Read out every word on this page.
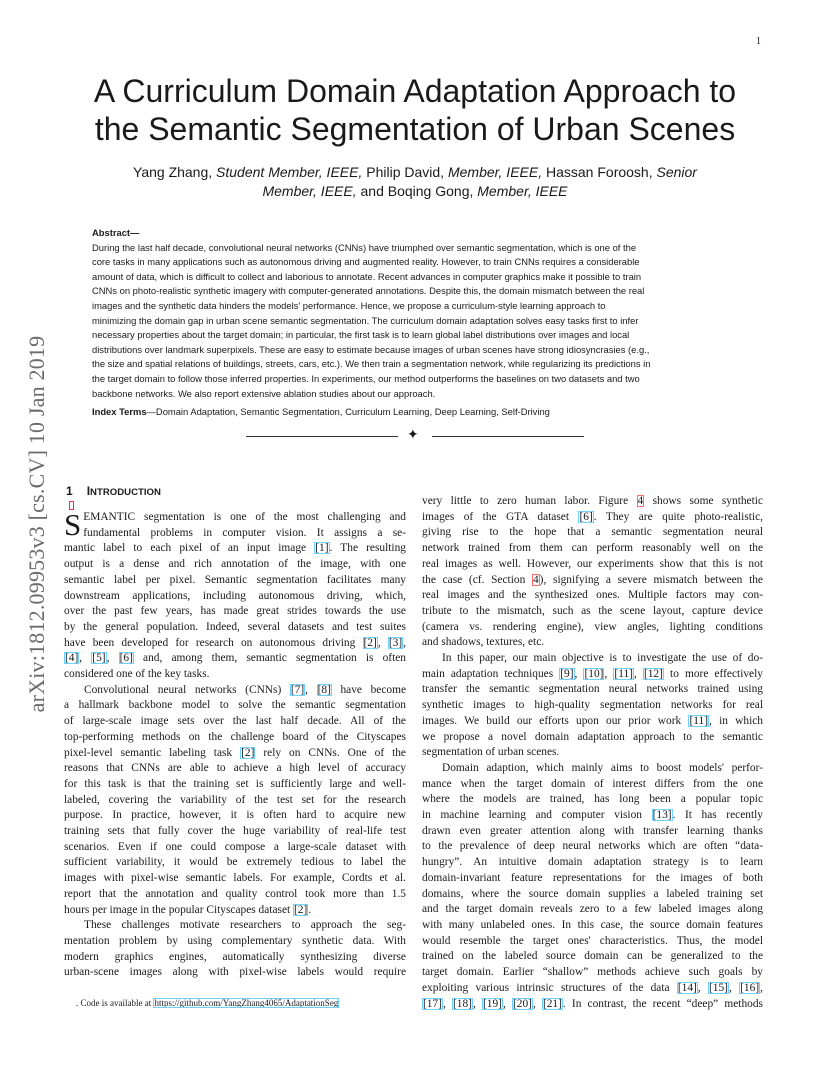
1
arXiv:1812.09953v3 [cs.CV] 10 Jan 2019
A Curriculum Domain Adaptation Approach to
the Semantic Segmentation of Urban Scenes
Yang Zhang, Student Member, IEEE, Philip David, Member, IEEE, Hassan Foroosh, Senior
Member, IEEE, and Boqing Gong, Member, IEEE

Abstract—

During the last half decade, convolutional neural networks (CNNs) have triumphed over semantic segmentation, which is one of the
core tasks in many applications such as autonomous driving and augmented reality. However, to train CNNs requires a considerable
amount of data, which is difficult to collect and laborious to annotate. Recent advances in computer graphics make it possible to train
CNNs on photo-realistic synthetic imagery with computer-generated annotations. Despite this, the domain mismatch between the real
images and the synthetic data hinders the models' performance. Hence, we propose a curriculum-style learning approach to
minimizing the domain gap in urban scene semantic segmentation. The curriculum domain adaptation solves easy tasks first to infer
necessary properties about the target domain; in particular, the first task is to learn global label distributions over images and local
distributions over landmark superpixels. These are easy to estimate because images of urban scenes have strong idiosyncrasies (e.g.,
the size and spatial relations of buildings, streets, cars, etc.). We then train a segmentation network, while regularizing its predictions in
the target domain to follow those inferred properties. In experiments, our method outperforms the baselines on two datasets and two
backbone networks. We also report extensive ablation studies about our approach.
Index Terms—Domain Adaptation, Semantic Segmentation, Curriculum Learning, Deep Learning, Self-Driving
✦
1 INTRODUCTION
S EMANTIC segmentation is one of the most challenging and
fundamental problems in computer vision. It assigns a se-
mantic label to each pixel of an input image [1]. The resulting
output is a dense and rich annotation of the image, with one
semantic label per pixel. Semantic segmentation facilitates many
downstream applications, including autonomous driving, which,
over the past few years, has made great strides towards the use
by the general population. Indeed, several datasets and test suites
have been developed for research on autonomous driving [2], [3],
[4], [5], [6] and, among them, semantic segmentation is often
considered one of the key tasks.
Convolutional neural networks (CNNs) [7], [8] have become
a hallmark backbone model to solve the semantic segmentation
of large-scale image sets over the last half decade. All of the
top-performing methods on the challenge board of the Cityscapes
pixel-level semantic labeling task [2] rely on CNNs. One of the
reasons that CNNs are able to achieve a high level of accuracy
for this task is that the training set is sufficiently large and well-
labeled, covering the variability of the test set for the research
purpose. In practice, however, it is often hard to acquire new
training sets that fully cover the huge variability of real-life test
scenarios. Even if one could compose a large-scale dataset with
sufficient variability, it would be extremely tedious to label the
images with pixel-wise semantic labels. For example, Cordts et al.
report that the annotation and quality control took more than 1.5
hours per image in the popular Cityscapes dataset [2].
These challenges motivate researchers to approach the seg-
mentation problem by using complementary synthetic data. With
modern graphics engines, automatically synthesizing diverse
urban-scene images along with pixel-wise labels would require
very little to zero human labor. Figure 4 shows some synthetic
images of the GTA dataset [6]. They are quite photo-realistic,
giving rise to the hope that a semantic segmentation neural
network trained from them can perform reasonably well on the
real images as well. However, our experiments show that this is not
the case (cf. Section 4), signifying a severe mismatch between the
real images and the synthesized ones. Multiple factors may con-
tribute to the mismatch, such as the scene layout, capture device
(camera vs. rendering engine), view angles, lighting conditions
and shadows, textures, etc.
In this paper, our main objective is to investigate the use of do-
main adaptation techniques [9], [10], [11], [12] to more effectively
transfer the semantic segmentation neural networks trained using
synthetic images to high-quality segmentation networks for real
images. We build our efforts upon our prior work [11], in which
we propose a novel domain adaptation approach to the semantic
segmentation of urban scenes.
Domain adaption, which mainly aims to boost models' perfor-
mance when the target domain of interest differs from the one
where the models are trained, has long been a popular topic
in machine learning and computer vision [13]. It has recently
drawn even greater attention along with transfer learning thanks
to the prevalence of deep neural networks which are often “data-
hungry”. An intuitive domain adaptation strategy is to learn
domain-invariant feature representations for the images of both
domains, where the source domain supplies a labeled training set
and the target domain reveals zero to a few labeled images along
with many unlabeled ones. In this case, the source domain features
would resemble the target ones' characteristics. Thus, the model
trained on the labeled source domain can be generalized to the
target domain. Earlier “shallow” methods achieve such goals by
exploiting various intrinsic structures of the data [14], [15], [16],
[17], [18], [19], [20], [21]. In contrast, the recent “deep” methods
. Code is available at https://github.com/YangZhang4065/AdaptationSeg
